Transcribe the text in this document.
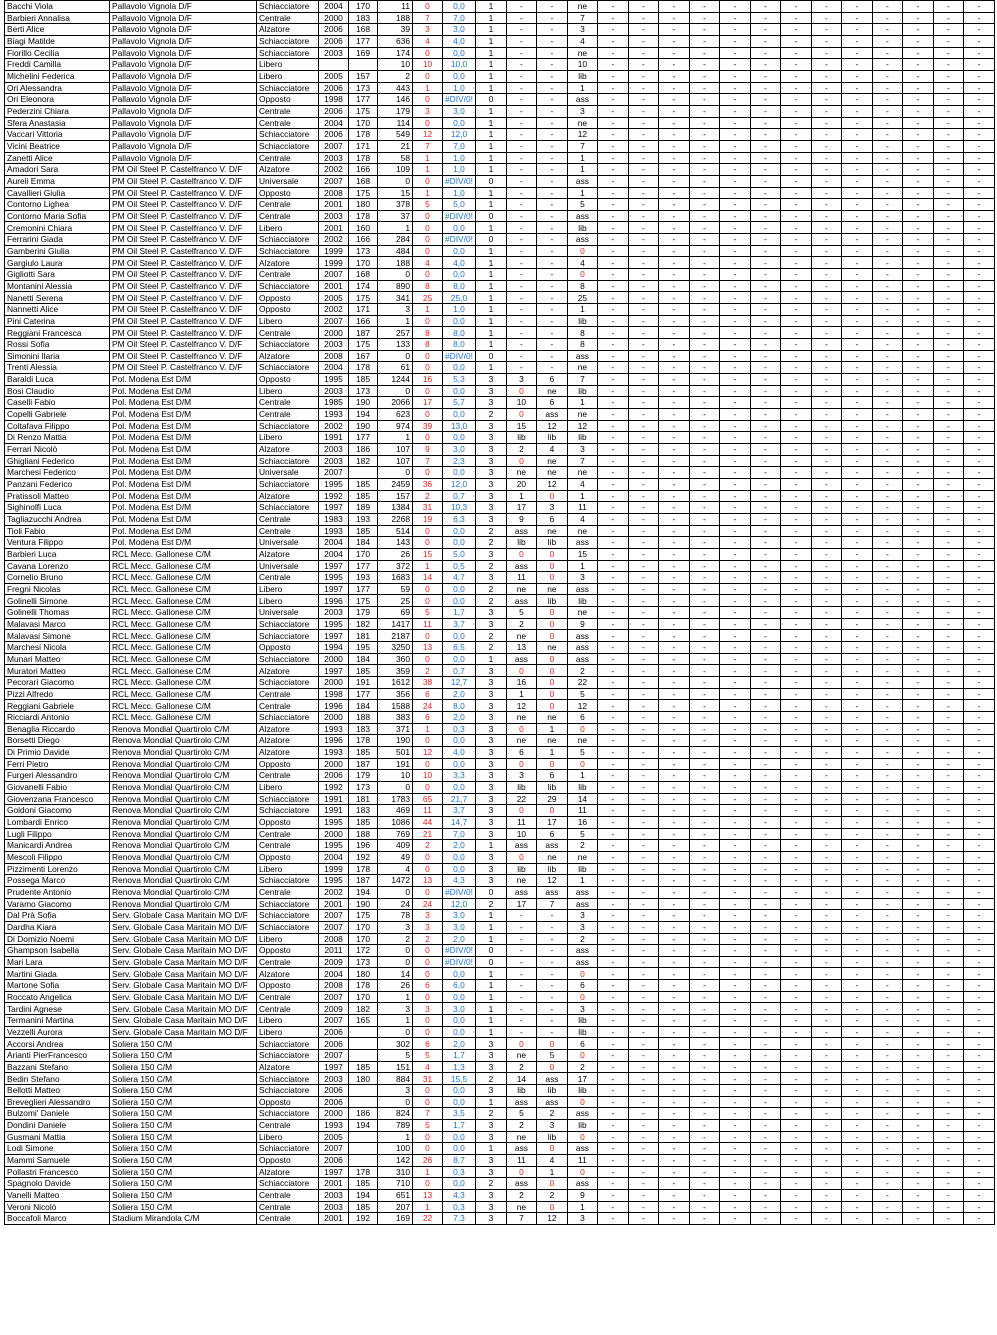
Bacchi Viola	Pallavolo Vignola D/F	Schiacciatore	2004	170	11	0	0,0	1	-	-	ne	-	-	-	-	-	-	-	-	-	-	-	-	-
Barbieri Annalisa	Pallavolo Vignola D/F	Centrale	2000	183	188	7	7,0	1	-	-	7	-	-	-	-	-	-	-	-	-	-	-	-	-
Berti Alice	Pallavolo Vignola D/F	Alzatore	2006	168	39	3	3,0	1	-	-	3	-	-	-	-	-	-	-	-	-	-	-	-	-
Biagi Matilde	Pallavolo Vignola D/F	Schiacciatore	2006	177	636	4	4,0	1	-	-	4	-	-	-	-	-	-	-	-	-	-	-	-	-
Fiorillo Cecilia	Pallavolo Vignola D/F	Schiacciatore	2003	169	174	0	0,0	1	-	-	ne	-	-	-	-	-	-	-	-	-	-	-	-	-
Freddi Camilla	Pallavolo Vignola D/F	Libero			10	10	10,0	1	-	-	10	-	-	-	-	-	-	-	-	-	-	-	-	-
Michelini Federica	Pallavolo Vignola D/F	Libero	2005	157	2	0	0,0	1	-	-	lib	-	-	-	-	-	-	-	-	-	-	-	-	-
Ori Alessandra	Pallavolo Vignola D/F	Schiacciatore	2006	173	443	1	1,0	1	-	-	1	-	-	-	-	-	-	-	-	-	-	-	-	-
Ori Eleonora	Pallavolo Vignola D/F	Opposto	1998	177	146	0	#DIV/0!	0	-	-	ass	-	-	-	-	-	-	-	-	-	-	-	-	-
Pederzini Chiara	Pallavolo Vignola D/F	Centrale	2006	175	179	3	3,0	1	-	-	3	-	-	-	-	-	-	-	-	-	-	-	-	-
Sfera Anastasia	Pallavolo Vignola D/F	Centrale	2004	170	114	0	0,0	1	-	-	ne	-	-	-	-	-	-	-	-	-	-	-	-	-
Vaccari Vittoria	Pallavolo Vignola D/F	Schiacciatore	2006	178	549	12	12,0	1	-	-	12	-	-	-	-	-	-	-	-	-	-	-	-	-
Vicini Beatrice	Pallavolo Vignola D/F	Schiacciatore	2007	171	21	7	7,0	1	-	-	7	-	-	-	-	-	-	-	-	-	-	-	-	-
Zanetti Alice	Pallavolo Vignola D/F	Centrale	2003	178	58	1	1,0	1	-	-	1	-	-	-	-	-	-	-	-	-	-	-	-	-
Amadori Sara	PM Oil Steel P. Castelfranco V. D/F	Alzatore	2002	166	109	1	1,0	1	-	-	1	-	-	-	-	-	-	-	-	-	-	-	-	-
Aureli Emma	PM Oil Steel P. Castelfranco V. D/F	Universale	2007	168	0	0	#DIV/0!	0	-	-	ass	-	-	-	-	-	-	-	-	-	-	-	-	-
Cavallieri Giulia	PM Oil Steel P. Castelfranco V. D/F	Opposto	2008	175	15	1	1,0	1	-	-	1	-	-	-	-	-	-	-	-	-	-	-	-	-
Contorno Lighea	PM Oil Steel P. Castelfranco V. D/F	Centrale	2001	180	378	5	5,0	1	-	-	5	-	-	-	-	-	-	-	-	-	-	-	-	-
Contorno Maria Sofia	PM Oil Steel P. Castelfranco V. D/F	Centrale	2003	178	37	0	#DIV/0!	0	-	-	ass	-	-	-	-	-	-	-	-	-	-	-	-	-
Cremonini Chiara	PM Oil Steel P. Castelfranco V. D/F	Libero	2001	160	1	0	0,0	1	-	-	lib	-	-	-	-	-	-	-	-	-	-	-	-	-
Ferrarini Giada	PM Oil Steel P. Castelfranco V. D/F	Schiacciatore	2002	166	284	0	#DIV/0!	0	-	-	ass	-	-	-	-	-	-	-	-	-	-	-	-	-
Gamberini Giulia	PM Oil Steel P. Castelfranco V. D/F	Schiacciatore	1999	173	484	0	0,0	1	-	-	0	-	-	-	-	-	-	-	-	-	-	-	-	-
Gargiulo Laura	PM Oil Steel P. Castelfranco V. D/F	Alzatore	1999	170	188	4	4,0	1	-	-	4	-	-	-	-	-	-	-	-	-	-	-	-	-
Gigliotti Sara	PM Oil Steel P. Castelfranco V. D/F	Centrale	2007	168	0	0	0,0	1	-	-	0	-	-	-	-	-	-	-	-	-	-	-	-	-
Montanini Alessia	PM Oil Steel P. Castelfranco V. D/F	Schiacciatore	2001	174	890	8	8,0	1	-	-	8	-	-	-	-	-	-	-	-	-	-	-	-	-
Nanetti Serena	PM Oil Steel P. Castelfranco V. D/F	Opposto	2005	175	341	25	25,0	1	-	-	25	-	-	-	-	-	-	-	-	-	-	-	-	-
Nannetti Alice	PM Oil Steel P. Castelfranco V. D/F	Opposto	2002	171	3	1	1,0	1	-	-	1	-	-	-	-	-	-	-	-	-	-	-	-	-
Pini Caterina	PM Oil Steel P. Castelfranco V. D/F	Libero	2007	166	1	0	0,0	1	-	-	lib	-	-	-	-	-	-	-	-	-	-	-	-	-
Reggiani Francesca	PM Oil Steel P. Castelfranco V. D/F	Centrale	2000	187	257	8	8,0	1	-	-	8	-	-	-	-	-	-	-	-	-	-	-	-	-
Rossi Sofia	PM Oil Steel P. Castelfranco V. D/F	Schiacciatore	2003	175	133	8	8,0	1	-	-	8	-	-	-	-	-	-	-	-	-	-	-	-	-
Simonini Ilaria	PM Oil Steel P. Castelfranco V. D/F	Alzatore	2008	167	0	0	#DIV/0!	0	-	-	ass	-	-	-	-	-	-	-	-	-	-	-	-	-
Trenti Alessia	PM Oil Steel P. Castelfranco V. D/F	Schiacciatore	2004	178	61	0	0,0	1	-	-	ne	-	-	-	-	-	-	-	-	-	-	-	-	-
Baraldi Luca	Pol. Modena Est D/M	Opposto	1995	185	1244	16	5,3	3	3	6	7	-	-	-	-	-	-	-	-	-	-	-	-	-
Bosi Claudio	Pol. Modena Est D/M	Libero	2003	173	0	0	0,0	3	0	ne	lib	-	-	-	-	-	-	-	-	-	-	-	-	-
Caselli Fabio	Pol. Modena Est D/M	Centrale	1985	190	2066	17	5,7	3	10	6	1	-	-	-	-	-	-	-	-	-	-	-	-	-
Copelli Gabriele	Pol. Modena Est D/M	Centrale	1993	194	623	0	0,0	2	0	ass	ne	-	-	-	-	-	-	-	-	-	-	-	-	-
Coltafava Filippo	Pol. Modena Est D/M	Schiacciatore	2002	190	974	39	13,0	3	15	12	12	-	-	-	-	-	-	-	-	-	-	-	-	-
Di Renzo Mattia	Pol. Modena Est D/M	Libero	1991	177	1	0	0,0	3	lib	lib	lib	-	-	-	-	-	-	-	-	-	-	-	-	-
Ferrari Nicolò	Pol. Modena Est D/M	Alzatore	2003	186	107	9	3,0	3	2	4	3	-	-	-	-	-	-	-	-	-	-	-	-	-
Ghigliani Federico	Pol. Modena Est D/M	Schiacciatore	2003	182	107	7	2,3	3	0	ne	7	-	-	-	-	-	-	-	-	-	-	-	-	-
Marchesi Federico	Pol. Modena Est D/M	Universale	2007		0	0	0,0	3	ne	ne	ne	-	-	-	-	-	-	-	-	-	-	-	-	-
Panzani Federico	Pol. Modena Est D/M	Schiacciatore	1995	185	2459	36	12,0	3	20	12	4	-	-	-	-	-	-	-	-	-	-	-	-	-
Pratissoli Matteo	Pol. Modena Est D/M	Alzatore	1992	185	157	2	0,7	3	1	0	1	-	-	-	-	-	-	-	-	-	-	-	-	-
Sighinolfi Luca	Pol. Modena Est D/M	Schiacciatore	1997	189	1384	31	10,3	3	17	3	11	-	-	-	-	-	-	-	-	-	-	-	-	-
Tagliazucchi Andrea	Pol. Modena Est D/M	Centrale	1983	193	2268	19	6,3	3	9	6	4	-	-	-	-	-	-	-	-	-	-	-	-	-
Tioli Fabio	Pol. Modena Est D/M	Centrale	1993	185	514	0	0,0	2	ass	ne	ne	-	-	-	-	-	-	-	-	-	-	-	-	-
Ventura Filippo	Pol. Modena Est D/M	Universale	2004	184	143	0	0,0	2	lib	lib	ass	-	-	-	-	-	-	-	-	-	-	-	-	-
Barbieri Luca	RCL Mecc. Gallonese C/M	Alzatore	2004	170	26	15	5,0	3	0	0	15	-	-	-	-	-	-	-	-	-	-	-	-	-
Cavana Lorenzo	RCL Mecc. Gallonese C/M	Universale	1997	177	372	1	0,5	2	ass	0	1	-	-	-	-	-	-	-	-	-	-	-	-	-
Cornelio Bruno	RCL Mecc. Gallonese C/M	Centrale	1995	193	1683	14	4,7	3	11	0	3	-	-	-	-	-	-	-	-	-	-	-	-	-
Fregni Nicolas	RCL Mecc. Gallonese C/M	Libero	1997	177	59	0	0,0	2	ne	ne	ass	-	-	-	-	-	-	-	-	-	-	-	-	-
Golinelli Simone	RCL Mecc. Gallonese C/M	Libero	1996	175	25	0	0,0	2	ass	lib	lib	-	-	-	-	-	-	-	-	-	-	-	-	-
Golinelli Thomas	RCL Mecc. Gallonese C/M	Universale	2003	179	69	5	1,7	3	5	0	ne	-	-	-	-	-	-	-	-	-	-	-	-	-
Malavasi Marco	RCL Mecc. Gallonese C/M	Schiacciatore	1995	182	1417	11	3,7	3	2	0	9	-	-	-	-	-	-	-	-	-	-	-	-	-
Malavasi Simone	RCL Mecc. Gallonese C/M	Schiacciatore	1997	181	2187	0	0,0	2	ne	0	ass	-	-	-	-	-	-	-	-	-	-	-	-	-
Marchesi Nicola	RCL Mecc. Gallonese C/M	Opposto	1994	195	3250	13	6,5	2	13	ne	ass	-	-	-	-	-	-	-	-	-	-	-	-	-
Munari Matteo	RCL Mecc. Gallonese C/M	Schiacciatore	2000	184	360	0	0,0	1	ass	0	ass	-	-	-	-	-	-	-	-	-	-	-	-	-
Muratori Matteo	RCL Mecc. Gallonese C/M	Alzatore	1997	185	359	2	0,7	3	0	0	2	-	-	-	-	-	-	-	-	-	-	-	-	-
Pecorari Giacomo	RCL Mecc. Gallonese C/M	Schiacciatore	2000	191	1612	38	12,7	3	16	0	22	-	-	-	-	-	-	-	-	-	-	-	-	-
Pizzi Alfredo	RCL Mecc. Gallonese C/M	Centrale	1998	177	356	6	2,0	3	1	0	5	-	-	-	-	-	-	-	-	-	-	-	-	-
Reggiani Gabriele	RCL Mecc. Gallonese C/M	Centrale	1996	184	1588	24	8,0	3	12	0	12	-	-	-	-	-	-	-	-	-	-	-	-	-
Ricciardi Antonio	RCL Mecc. Gallonese C/M	Schiacciatore	2000	188	383	6	2,0	3	ne	ne	6	-	-	-	-	-	-	-	-	-	-	-	-	-
Benaglia Riccardo	Renova Mondial Quartirolo C/M	Alzatore	1993	183	371	1	0,3	3	0	1	0	-	-	-	-	-	-	-	-	-	-	-	-	-
Borsetti Diego	Renova Mondial Quartirolo C/M	Alzatore	1996	178	190	0	0,0	3	ne	ne	ne	-	-	-	-	-	-	-	-	-	-	-	-	-
Di Primio Davide	Renova Mondial Quartirolo C/M	Alzatore	1993	185	501	12	4,0	3	6	1	5	-	-	-	-	-	-	-	-	-	-	-	-	-
Ferri Pietro	Renova Mondial Quartirolo C/M	Opposto	2000	187	191	0	0,0	3	0	0	0	-	-	-	-	-	-	-	-	-	-	-	-	-
Furgeri Alessandro	Renova Mondial Quartirolo C/M	Centrale	2006	179	10	10	3,3	3	3	6	1	-	-	-	-	-	-	-	-	-	-	-	-	-
Giovanelli Fabio	Renova Mondial Quartirolo C/M	Libero	1992	173	0	0	0,0	3	lib	lib	lib	-	-	-	-	-	-	-	-	-	-	-	-	-
Giovenzana Francesco	Renova Mondial Quartirolo C/M	Schiacciatore	1991	181	1783	65	21,7	3	22	29	14	-	-	-	-	-	-	-	-	-	-	-	-	-
Goldoni Giacomo	Renova Mondial Quartirolo C/M	Schiacciatore	1991	183	469	11	3,7	3	0	0	11	-	-	-	-	-	-	-	-	-	-	-	-	-
Lombardi Enrico	Renova Mondial Quartirolo C/M	Opposto	1995	185	1086	44	14,7	3	11	17	16	-	-	-	-	-	-	-	-	-	-	-	-	-
Lugli Filippo	Renova Mondial Quartirolo C/M	Centrale	2000	188	769	21	7,0	3	10	6	5	-	-	-	-	-	-	-	-	-	-	-	-	-
Manicardi Andrea	Renova Mondial Quartirolo C/M	Centrale	1995	196	409	2	2,0	1	ass	ass	2	-	-	-	-	-	-	-	-	-	-	-	-	-
Mescoli Filippo	Renova Mondial Quartirolo C/M	Opposto	2004	192	49	0	0,0	3	0	ne	ne	-	-	-	-	-	-	-	-	-	-	-	-	-
Pizzimenti Lorenzo	Renova Mondial Quartirolo C/M	Libero	1999	178	4	0	0,0	3	lib	lib	lib	-	-	-	-	-	-	-	-	-	-	-	-	-
Possega Marco	Renova Mondial Quartirolo C/M	Schiacciatore	1995	187	1472	13	4,3	3	ne	12	1	-	-	-	-	-	-	-	-	-	-	-	-	-
Prudente Antonio	Renova Mondial Quartirolo C/M	Centrale	2002	194	0	0	#DIV/0!	0	ass	ass	ass	-	-	-	-	-	-	-	-	-	-	-	-	-
Varamo Giacomo	Renova Mondial Quartirolo C/M	Schiacciatore	2001	190	24	24	12,0	2	17	7	ass	-	-	-	-	-	-	-	-	-	-	-	-	-
Dal Prà Sofia	Serv. Globale Casa Maritain MO D/F	Schiacciatore	2007	175	78	3	3,0	1	-	-	3	-	-	-	-	-	-	-	-	-	-	-	-	-
Dardha Kiara	Serv. Globale Casa Maritain MO D/F	Schiacciatore	2007	170	3	3	3,0	1	-	-	3	-	-	-	-	-	-	-	-	-	-	-	-	-
Di Domizio Noemi	Serv. Globale Casa Maritain MO D/F	Libero	2008	170	2	2	2,0	1	-	-	2	-	-	-	-	-	-	-	-	-	-	-	-	-
Ghampson Isabella	Serv. Globale Casa Maritain MO D/F	Opposto	2011	172	0	0	#DIV/0!	0	-	-	ass	-	-	-	-	-	-	-	-	-	-	-	-	-
Mari Lara	Serv. Globale Casa Maritain MO D/F	Centrale	2009	173	0	0	#DIV/0!	0	-	-	ass	-	-	-	-	-	-	-	-	-	-	-	-	-
Martini Giada	Serv. Globale Casa Maritain MO D/F	Alzatore	2004	180	14	0	0,0	1	-	-	0	-	-	-	-	-	-	-	-	-	-	-	-	-
Martone Sofia	Serv. Globale Casa Maritain MO D/F	Opposto	2008	178	26	6	6,0	1	-	-	6	-	-	-	-	-	-	-	-	-	-	-	-	-
Roccato Angelica	Serv. Globale Casa Maritain MO D/F	Centrale	2007	170	1	0	0,0	1	-	-	0	-	-	-	-	-	-	-	-	-	-	-	-	-
Tardini Agnese	Serv. Globale Casa Maritain MO D/F	Centrale	2009	182	3	3	3,0	1	-	-	3	-	-	-	-	-	-	-	-	-	-	-	-	-
Termanini Martina	Serv. Globale Casa Maritain MO D/F	Libero	2007	165	1	0	0,0	1	-	-	lib	-	-	-	-	-	-	-	-	-	-	-	-	-
Vezzelli Aurora	Serv. Globale Casa Maritain MO D/F	Libero	2006		0	0	0,0	1	-	-	lib	-	-	-	-	-	-	-	-	-	-	-	-	-
Accorsi Andrea	Soliera 150 C/M	Schiacciatore	2006		302	6	2,0	3	0	0	6	-	-	-	-	-	-	-	-	-	-	-	-	-
Arianti PierFrancesco	Soliera 150 C/M	Schiacciatore	2007		5	5	1,7	3	ne	5	0	-	-	-	-	-	-	-	-	-	-	-	-	-
Bazzani Stefano	Soliera 150 C/M	Alzatore	1997	185	151	4	1,3	3	2	0	2	-	-	-	-	-	-	-	-	-	-	-	-	-
Bedin Stefano	Soliera 150 C/M	Schiacciatore	2003	180	884	31	15,5	2	14	ass	17	-	-	-	-	-	-	-	-	-	-	-	-	-
Bellotti Matteo	Soliera 150 C/M	Schiacciatore	2006		3	0	0,0	3	lib	lib	lib	-	-	-	-	-	-	-	-	-	-	-	-	-
Breveglieri Alessandro	Soliera 150 C/M	Opposto	2006		0	0	0,0	1	ass	ass	0	-	-	-	-	-	-	-	-	-	-	-	-	-
Bulzomi' Daniele	Soliera 150 C/M	Schiacciatore	2000	186	824	7	3,5	2	5	2	ass	-	-	-	-	-	-	-	-	-	-	-	-	-
Dondini Daniele	Soliera 150 C/M	Centrale	1993	194	789	5	1,7	3	2	3	lib	-	-	-	-	-	-	-	-	-	-	-	-	-
Gusmani Mattia	Soliera 150 C/M	Libero	2005		1	0	0,0	3	ne	lib	0	-	-	-	-	-	-	-	-	-	-	-	-	-
Lodi Simone	Soliera 150 C/M	Schiacciatore	2007		100	0	0,0	1	ass	0	ass	-	-	-	-	-	-	-	-	-	-	-	-	-
Mammi Samuele	Soliera 150 C/M	Opposto	2006		142	26	8,7	3	11	4	11	-	-	-	-	-	-	-	-	-	-	-	-	-
Pollastri Francesco	Soliera 150 C/M	Alzatore	1997	178	310	1	0,3	3	0	1	0	-	-	-	-	-	-	-	-	-	-	-	-	-
Spagnolo Davide	Soliera 150 C/M	Schiacciatore	2001	185	710	0	0,0	2	ass	0	ass	-	-	-	-	-	-	-	-	-	-	-	-	-
Vanelli Matteo	Soliera 150 C/M	Centrale	2003	194	651	13	4,3	3	2	2	9	-	-	-	-	-	-	-	-	-	-	-	-	-
Veroni Nicolò	Soliera 150 C/M	Centrale	2003	185	207	1	0,3	3	ne	0	1	-	-	-	-	-	-	-	-	-	-	-	-	-
Boccafoli Marco	Stadium Mirandola C/M	Centrale	2001	192	169	22	7,3	3	7	12	3	-	-	-	-	-	-	-	-	-	-	-	-	-
